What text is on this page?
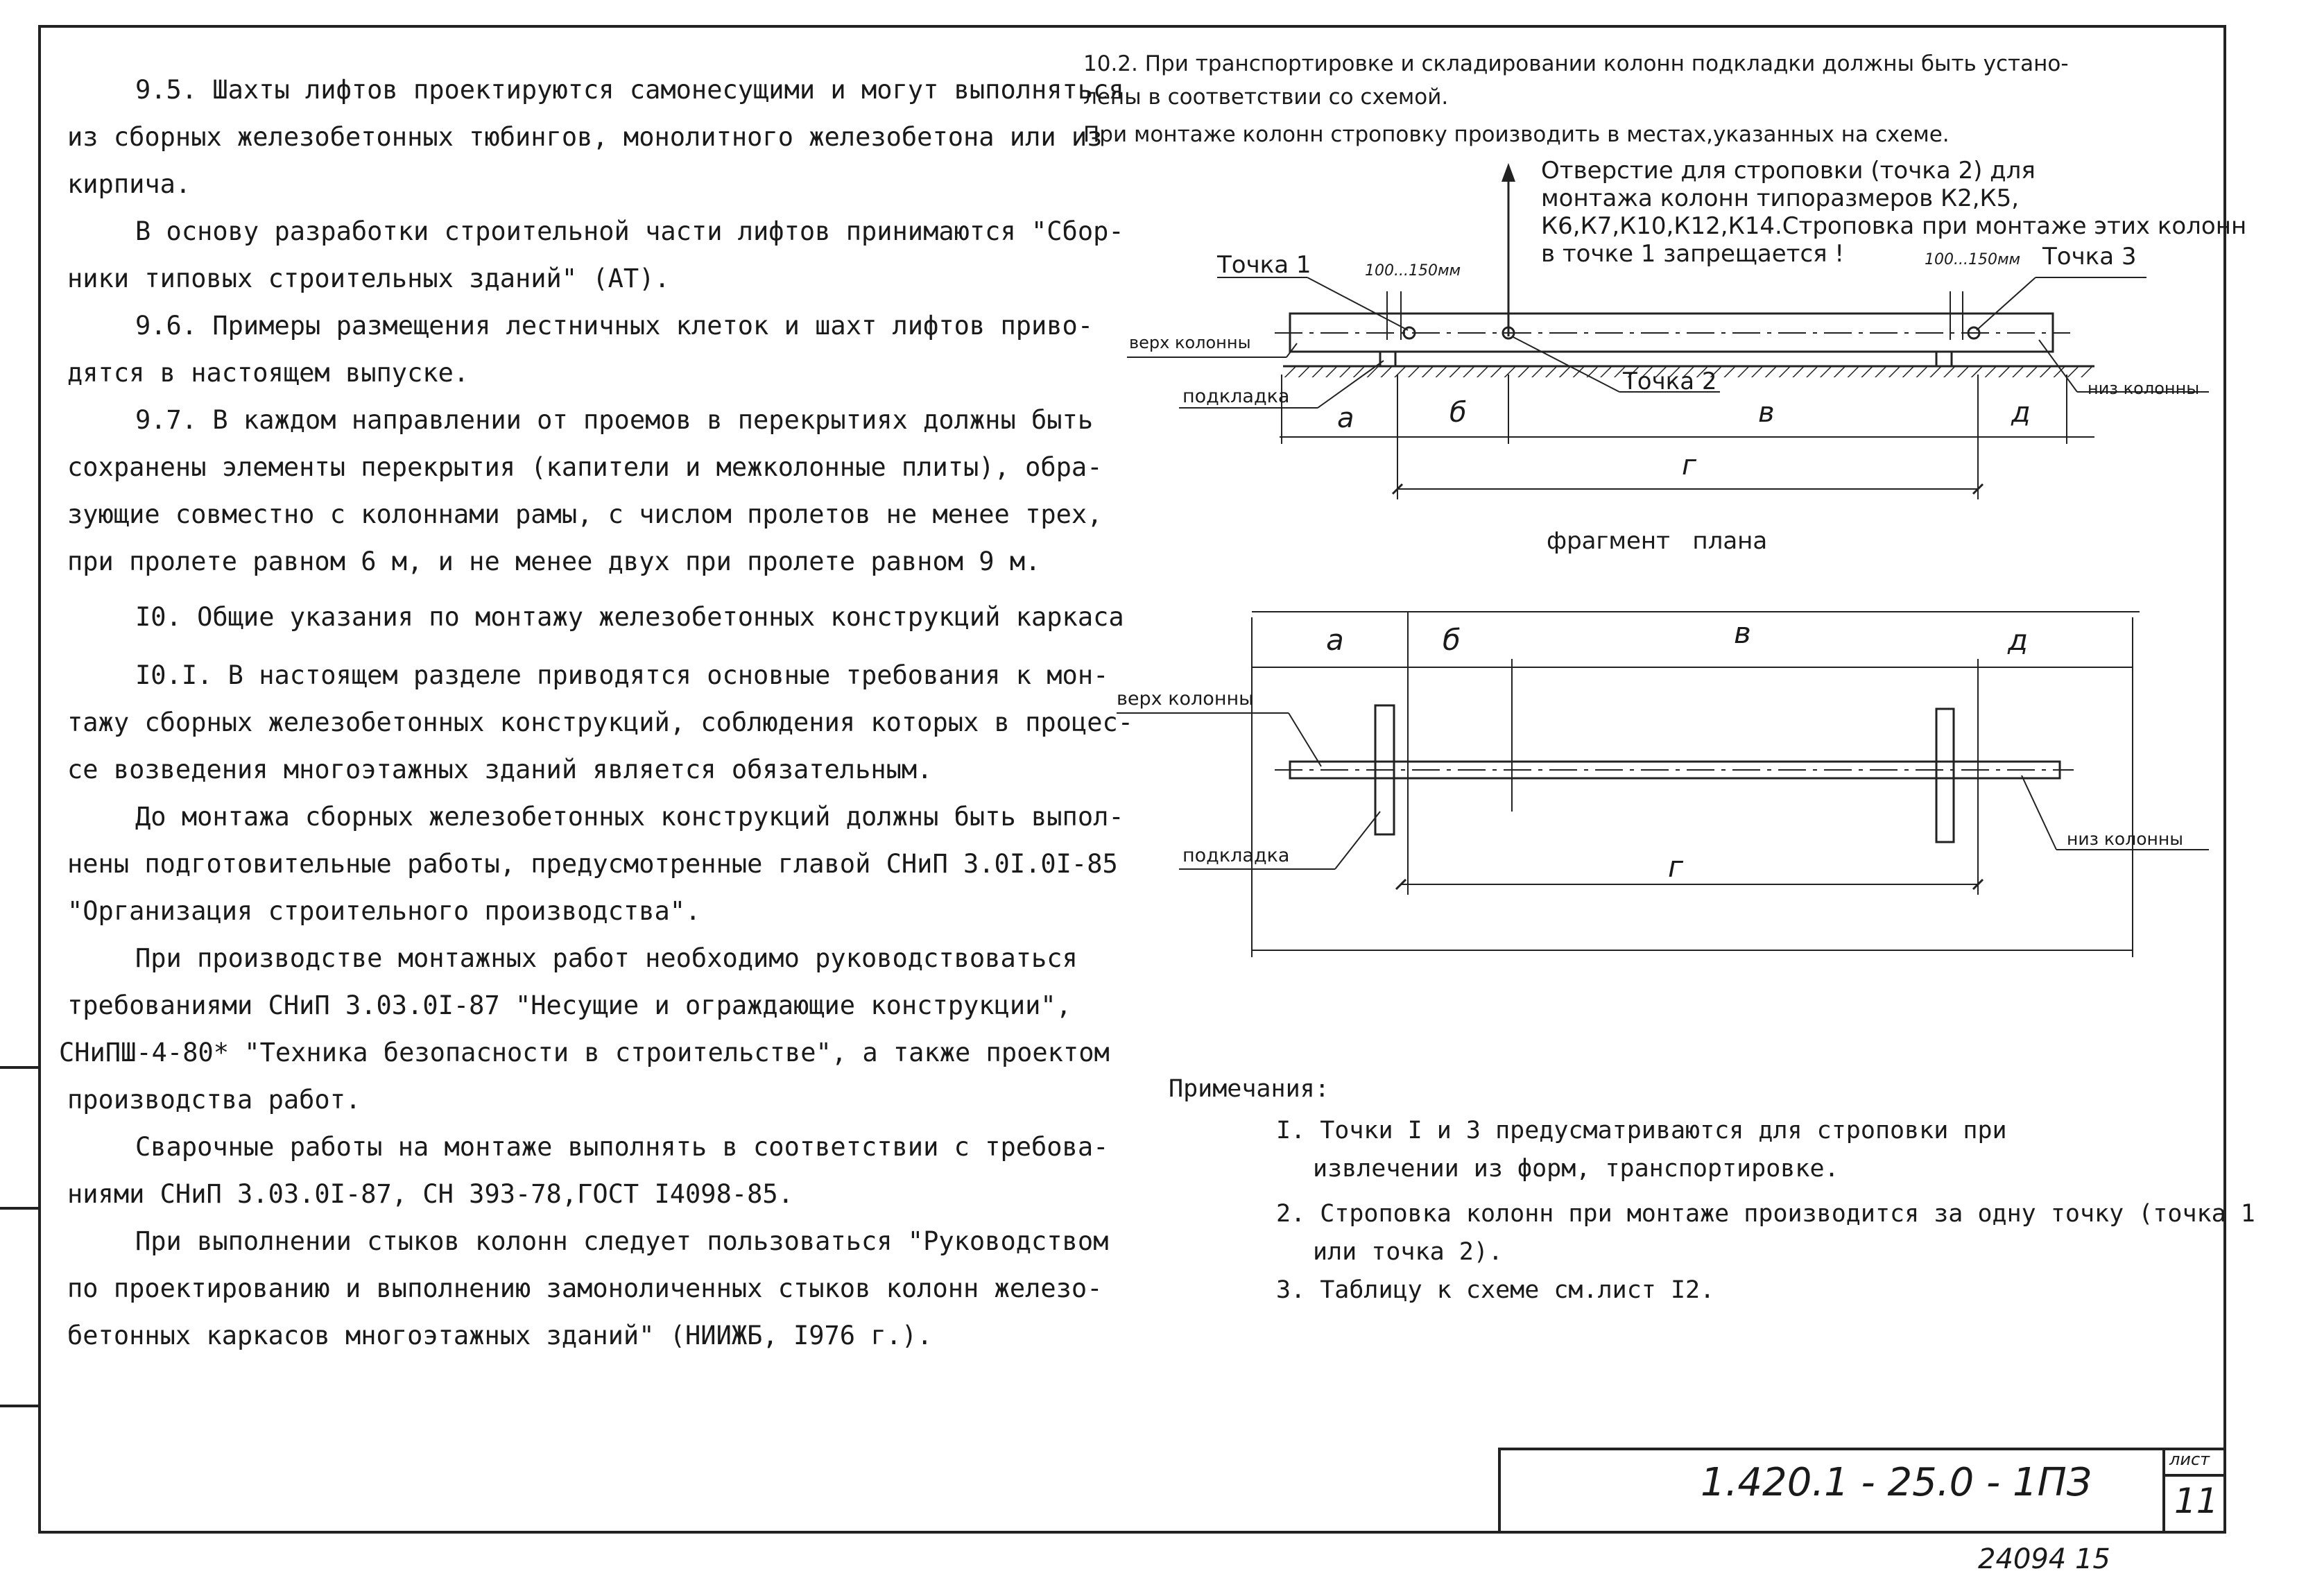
9.5. Шахты лифтов проектируются самонесущими и могут выполняться
из сборных железобетонных тюбингов, монолитного железобетона или из
кирпича.
В основу разработки строительной части лифтов принимаются "Сбор-
ники типовых строительных зданий" (АТ).
9.6. Примеры размещения лестничных клеток и шахт лифтов приво-
дятся в настоящем выпуске.
9.7. В каждом направлении от проемов в перекрытиях должны быть
сохранены элементы перекрытия (капители и межколонные плиты), обра-
зующие совместно с колоннами рамы, с числом пролетов не менее трех,
при пролете равном 6 м, и не менее двух при пролете равном 9 м.
I0. Общие указания по монтажу железобетонных конструкций каркаса
I0.I. В настоящем разделе приводятся основные требования к мон-
тажу сборных железобетонных конструкций, соблюдения которых в процес-
се возведения многоэтажных зданий является обязательным.
До монтажа сборных железобетонных конструкций должны быть выпол-
нены подготовительные работы, предусмотренные главой СНиП 3.0I.0I-85
"Организация строительного производства".
При производстве монтажных работ необходимо руководствоваться
требованиями СНиП 3.03.0I-87 "Несущие и ограждающие конструкции",
СНиПШ-4-80* "Техника безопасности в строительстве", а также проектом
производства работ.
Сварочные работы на монтаже выполнять в соответствии с требова-
ниями СНиП 3.03.0I-87, СН 393-78,ГОСТ I4098-85.
При выполнении стыков колонн следует пользоваться "Руководством
по проектированию и выполнению замоноличенных стыков колонн железо-
бетонных каркасов многоэтажных зданий" (НИИЖБ, I976 г.).
10.2. При транспортировке и складировании колонн подкладки должны быть устано-
лены в соответствии со схемой.
При монтаже колонн строповку производить в местах,указанных на схеме.
Отверстие для строповки (точка 2) для
монтажа колонн типоразмеров К2,К5,
К6,К7,К10,К12,К14.Строповка при монтаже этих колонн
в точке 1 запрещается !
Точка 1	100...150мм
100...150мм Точка 3
Точка 2
верх колонны
подкладка	низ колонны
а	б	в	д
г
фрагмент   плана
а	б	в	д
г
верх колонны
подкладка
низ колонны
Примечания:
I. Точки I и 3 предусматриваются для строповки при
извлечении из форм, транспортировке.
2. Строповка колонн при монтаже производится за одну точку (точка 1
или точка 2).
3. Таблицу к схеме см.лист I2.
1.420.1 - 25.0 - 1ПЗ
лист
11
24094 15
